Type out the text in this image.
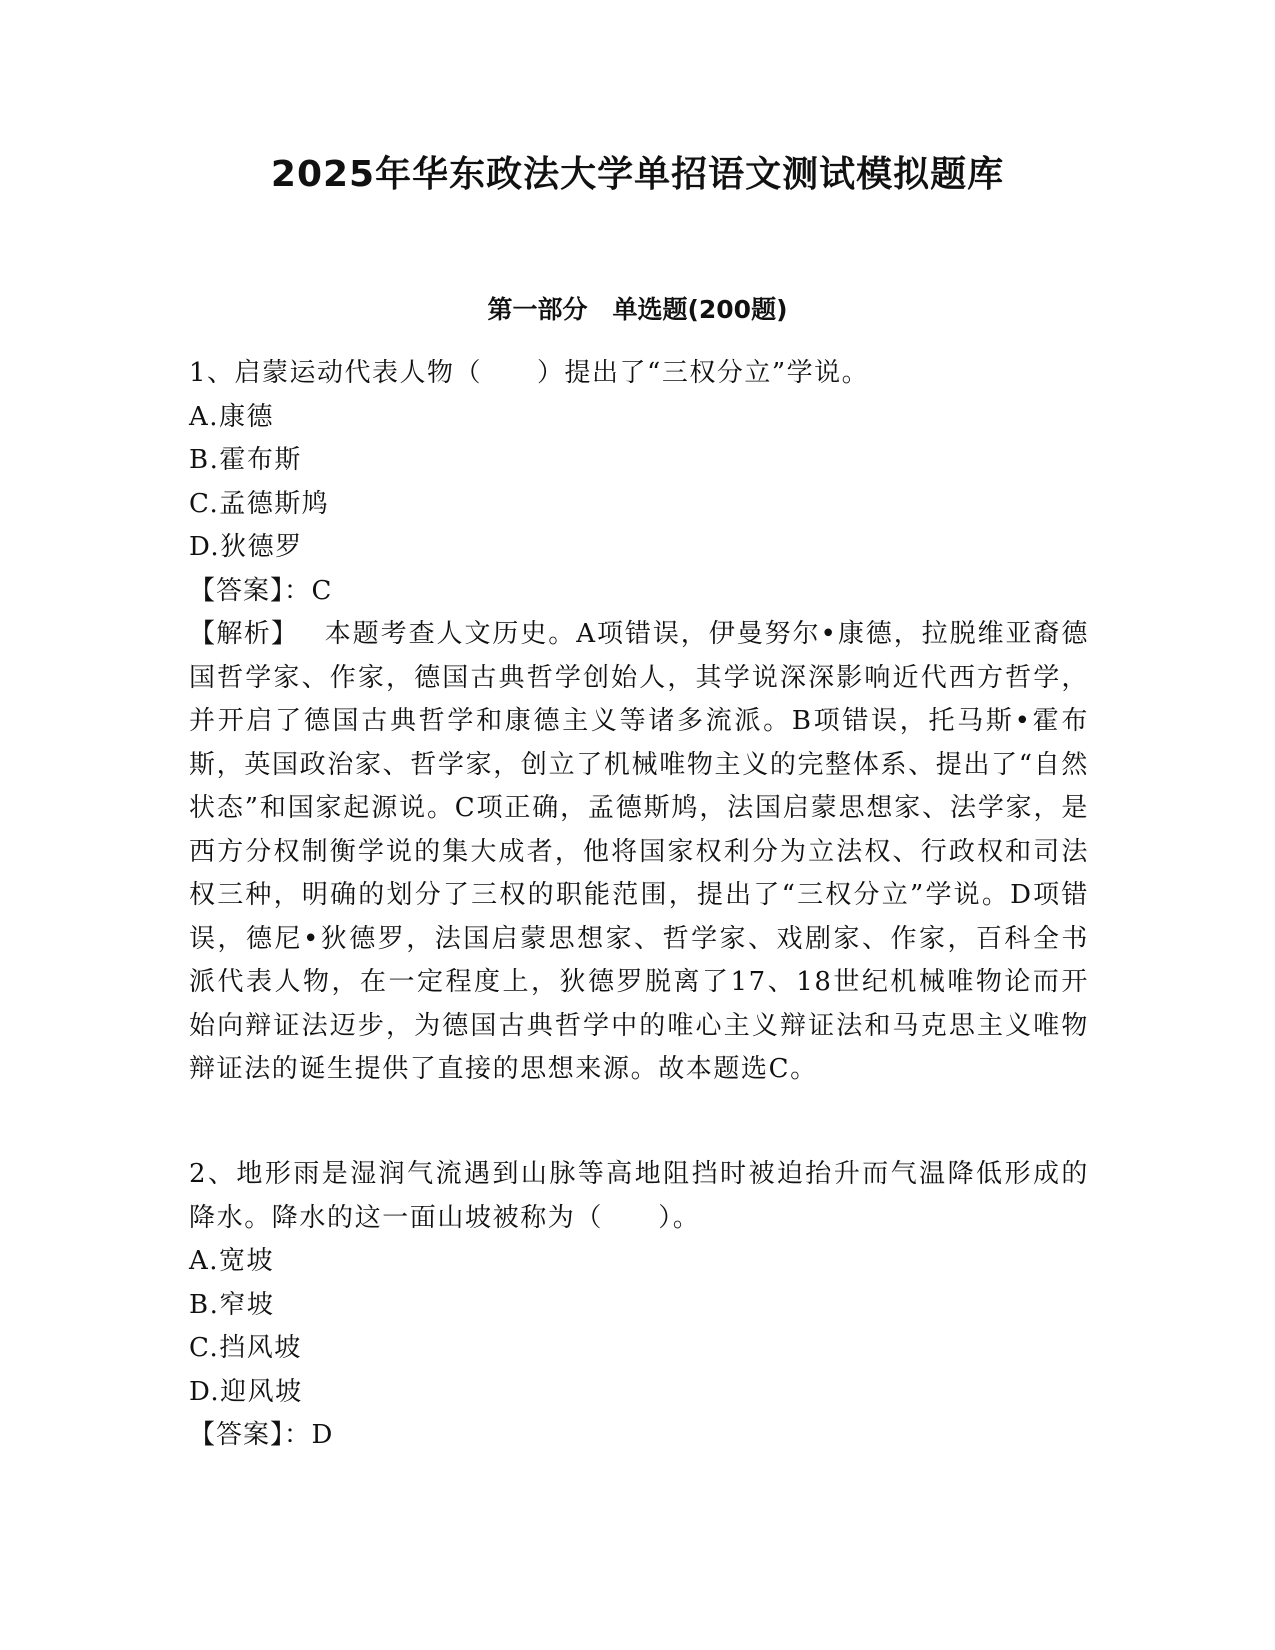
2025年华东政法大学单招语文测试模拟题库
第一部分　单选题(200题)
1、启蒙运动代表人物（　　）提出了“三权分立”学说。
A.康德
B.霍布斯
C.孟德斯鸠
D.狄德罗
【答案】：C
【解析】 本题考查人文历史。A项错误，伊曼努尔•康德，拉脱维亚裔德国哲学家、作家，德国古典哲学创始人，其学说深深影响近代西方哲学，并开启了德国古典哲学和康德主义等诸多流派。B项错误，托马斯•霍布斯，英国政治家、哲学家，创立了机械唯物主义的完整体系、提出了“自然状态”和国家起源说。C项正确，孟德斯鸠，法国启蒙思想家、法学家，是西方分权制衡学说的集大成者，他将国家权利分为立法权、行政权和司法权三种，明确的划分了三权的职能范围，提出了“三权分立”学说。D项错误，德尼•狄德罗，法国启蒙思想家、哲学家、戏剧家、作家，百科全书派代表人物，在一定程度上，狄德罗脱离了17、18世纪机械唯物论而开始向辩证法迈步，为德国古典哲学中的唯心主义辩证法和马克思主义唯物辩证法的诞生提供了直接的思想来源。故本题选C。
2、地形雨是湿润气流遇到山脉等高地阻挡时被迫抬升而气温降低形成的降水。降水的这一面山坡被称为（　　）。
A.宽坡
B.窄坡
C.挡风坡
D.迎风坡
【答案】：D
